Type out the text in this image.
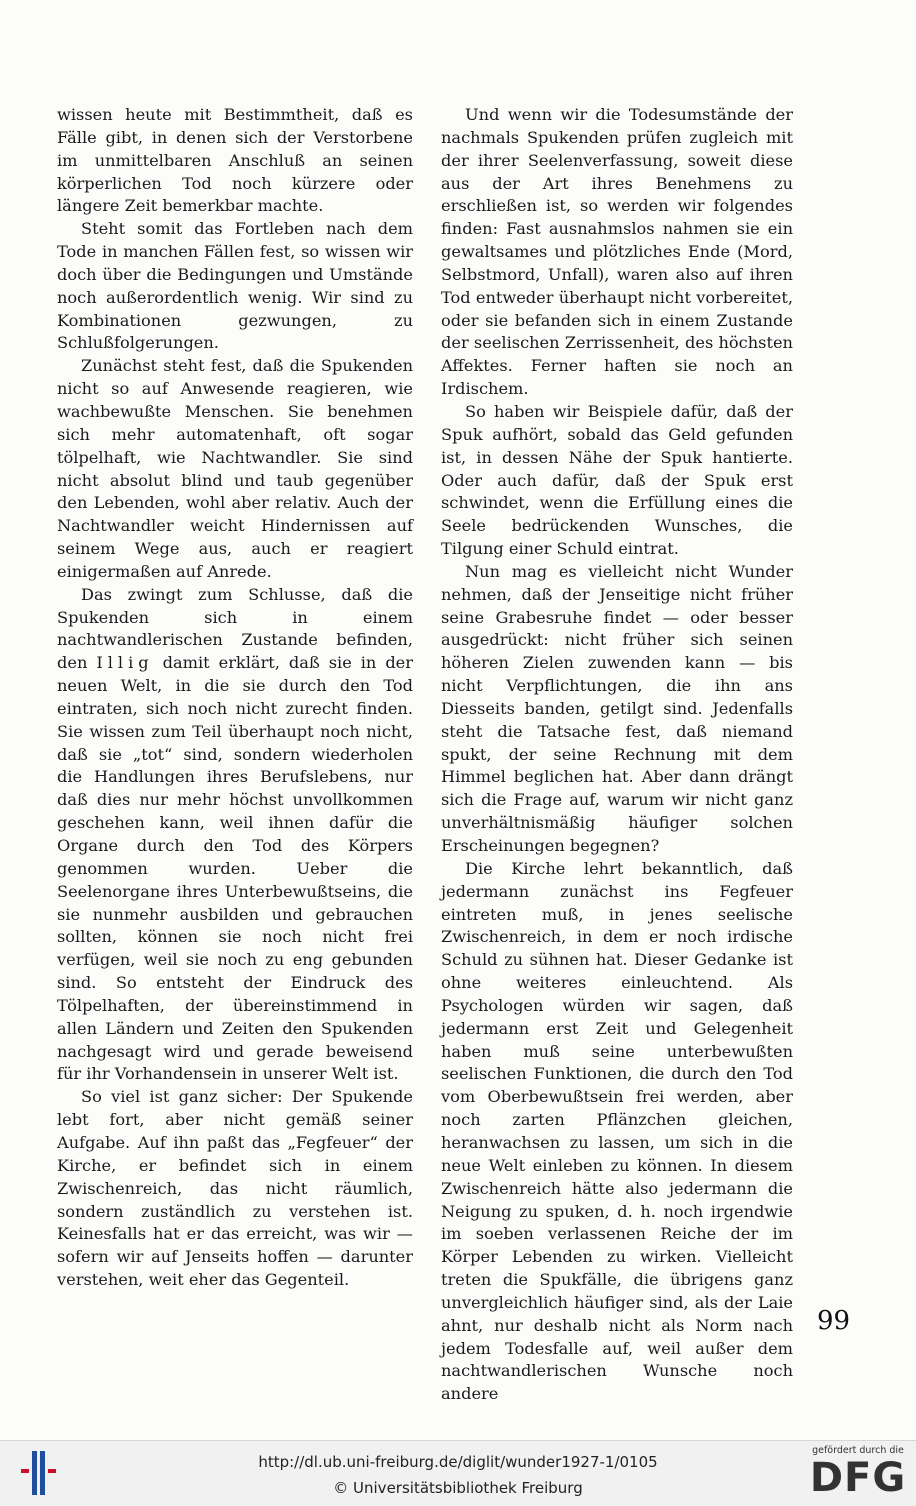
wissen heute mit Bestimmtheit, daß es Fälle gibt, in denen sich der Verstorbene im unmittelbaren Anschluß an seinen körperlichen Tod noch kürzere oder längere Zeit bemerkbar machte.

Steht somit das Fortleben nach dem Tode in manchen Fällen fest, so wissen wir doch über die Bedingungen und Umstände noch außerordentlich wenig. Wir sind zu Kombinationen gezwungen, zu Schlußfolgerungen.

Zunächst steht fest, daß die Spukenden nicht so auf Anwesende reagieren, wie wachbewußte Menschen. Sie benehmen sich mehr automatenhaft, oft sogar tölpelhaft, wie Nachtwandler. Sie sind nicht absolut blind und taub gegenüber den Lebenden, wohl aber relativ. Auch der Nachtwandler weicht Hindernissen auf seinem Wege aus, auch er reagiert einigermaßen auf Anrede.

Das zwingt zum Schlusse, daß die Spukenden sich in einem nachtwandlerischen Zustande befinden, den Illig damit erklärt, daß sie in der neuen Welt, in die sie durch den Tod eintraten, sich noch nicht zurecht finden. Sie wissen zum Teil überhaupt noch nicht, daß sie „tot“ sind, sondern wiederholen die Handlungen ihres Berufslebens, nur daß dies nur mehr höchst unvollkommen geschehen kann, weil ihnen dafür die Organe durch den Tod des Körpers genommen wurden. Ueber die Seelenorgane ihres Unterbewußtseins, die sie nunmehr ausbilden und gebrauchen sollten, können sie noch nicht frei verfügen, weil sie noch zu eng gebunden sind. So entsteht der Eindruck des Tölpelhaften, der übereinstimmend in allen Ländern und Zeiten den Spukenden nachgesagt wird und gerade beweisend für ihr Vorhandensein in unserer Welt ist.

So viel ist ganz sicher: Der Spukende lebt fort, aber nicht gemäß seiner Aufgabe. Auf ihn paßt das „Fegfeuer“ der Kirche, er befindet sich in einem Zwischenreich, das nicht räumlich, sondern zuständlich zu verstehen ist. Keinesfalls hat er das erreicht, was wir — sofern wir auf Jenseits hoffen — darunter verstehen, weit eher das Gegenteil.

Und wenn wir die Todesumstände der nachmals Spukenden prüfen zugleich mit der ihrer Seelenverfassung, soweit diese aus der Art ihres Benehmens zu erschließen ist, so werden wir folgendes finden: Fast ausnahmslos nahmen sie ein gewaltsames und plötzliches Ende (Mord, Selbstmord, Unfall), waren also auf ihren Tod entweder überhaupt nicht vorbereitet, oder sie befanden sich in einem Zustande der seelischen Zerrissenheit, des höchsten Affektes. Ferner haften sie noch an Irdischem.

So haben wir Beispiele dafür, daß der Spuk aufhört, sobald das Geld gefunden ist, in dessen Nähe der Spuk hantierte. Oder auch dafür, daß der Spuk erst schwindet, wenn die Erfüllung eines die Seele bedrückenden Wunsches, die Tilgung einer Schuld eintrat.

Nun mag es vielleicht nicht Wunder nehmen, daß der Jenseitige nicht früher seine Grabesruhe findet — oder besser ausgedrückt: nicht früher sich seinen höheren Zielen zuwenden kann — bis nicht Verpflichtungen, die ihn ans Diesseits banden, getilgt sind. Jedenfalls steht die Tatsache fest, daß niemand spukt, der seine Rechnung mit dem Himmel beglichen hat. Aber dann drängt sich die Frage auf, warum wir nicht ganz unverhältnismäßig häufiger solchen Erscheinungen begegnen?

Die Kirche lehrt bekanntlich, daß jedermann zunächst ins Fegfeuer eintreten muß, in jenes seelische Zwischenreich, in dem er noch irdische Schuld zu sühnen hat. Dieser Gedanke ist ohne weiteres einleuchtend. Als Psychologen würden wir sagen, daß jedermann erst Zeit und Gelegenheit haben muß seine unterbewußten seelischen Funktionen, die durch den Tod vom Oberbewußtsein frei werden, aber noch zarten Pflänzchen gleichen, heranwachsen zu lassen, um sich in die neue Welt einleben zu können. In diesem Zwischenreich hätte also jedermann die Neigung zu spuken, d. h. noch irgendwie im soeben verlassenen Reiche der im Körper Lebenden zu wirken. Vielleicht treten die Spukfälle, die übrigens ganz unvergleichlich häufiger sind, als der Laie ahnt, nur deshalb nicht als Norm nach jedem Todesfalle auf, weil außer dem nachtwandlerischen Wunsche noch andere

99
http://dl.ub.uni-freiburg.de/diglit/wunder1927-1/0105
© Universitätsbibliothek Freiburg
gefördert durch die
DFG
